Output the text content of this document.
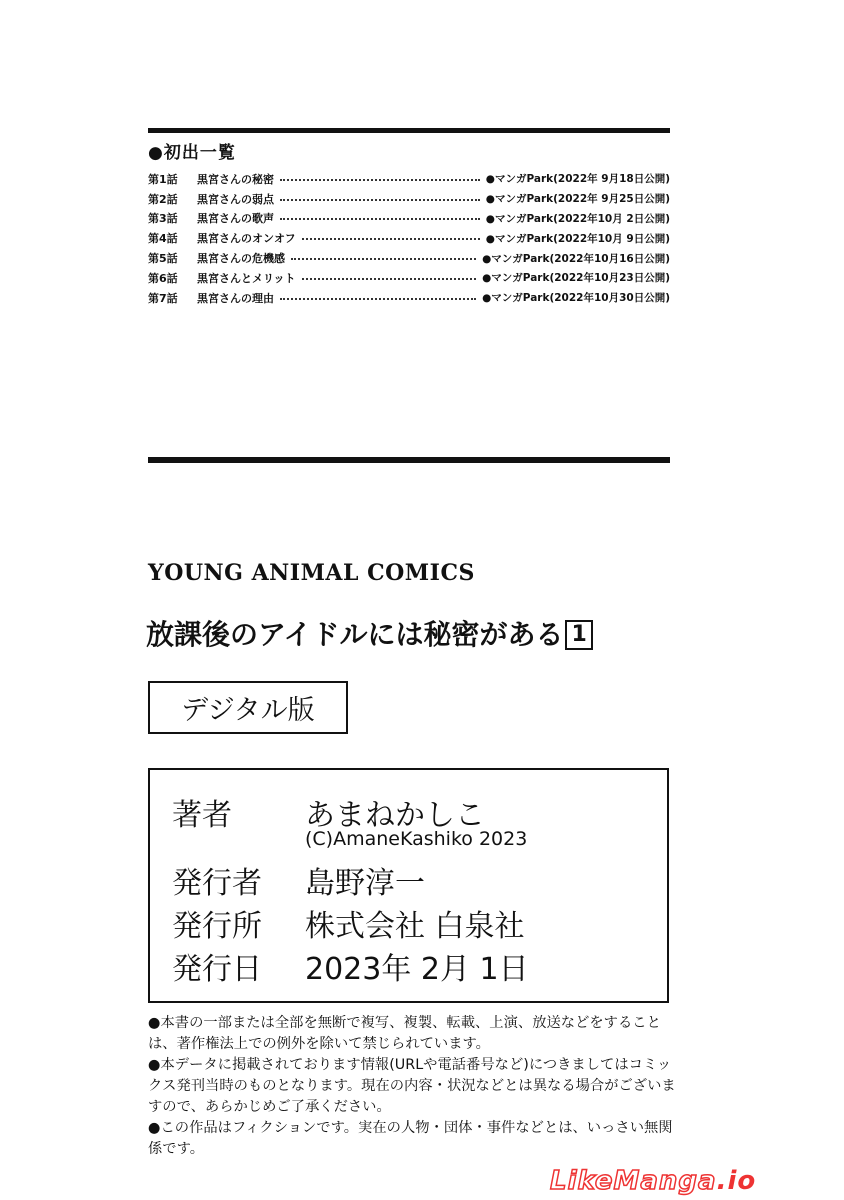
●初出一覧
第1話	黒宮さんの秘密	●マンガPark(2022年 9月18日公開)
第2話	黒宮さんの弱点	●マンガPark(2022年 9月25日公開)
第3話	黒宮さんの歌声	●マンガPark(2022年10月 2日公開)
第4話	黒宮さんのオンオフ	●マンガPark(2022年10月 9日公開)
第5話	黒宮さんの危機感	●マンガPark(2022年10月16日公開)
第6話	黒宮さんとメリット	●マンガPark(2022年10月23日公開)
第7話	黒宮さんの理由	●マンガPark(2022年10月30日公開)
YOUNG ANIMAL COMICS
放課後のアイドルには秘密がある 1
デジタル版
著者 あまねかしこ
(C)AmaneKashiko 2023
発行者 島野淳一
発行所 株式会社 白泉社
発行日 2023年 2月 1日

●本書の一部または全部を無断で複写、複製、転載、上演、放送などをすることは、著作権法上での例外を除いて禁じられています。

●本データに掲載されております情報(URLや電話番号など)につきましてはコミックス発刊当時のものとなります。現在の内容・状況などとは異なる場合がございますので、あらかじめご了承ください。

●この作品はフィクションです。実在の人物・団体・事件などとは、いっさい無関係です。

LikeManga.io
